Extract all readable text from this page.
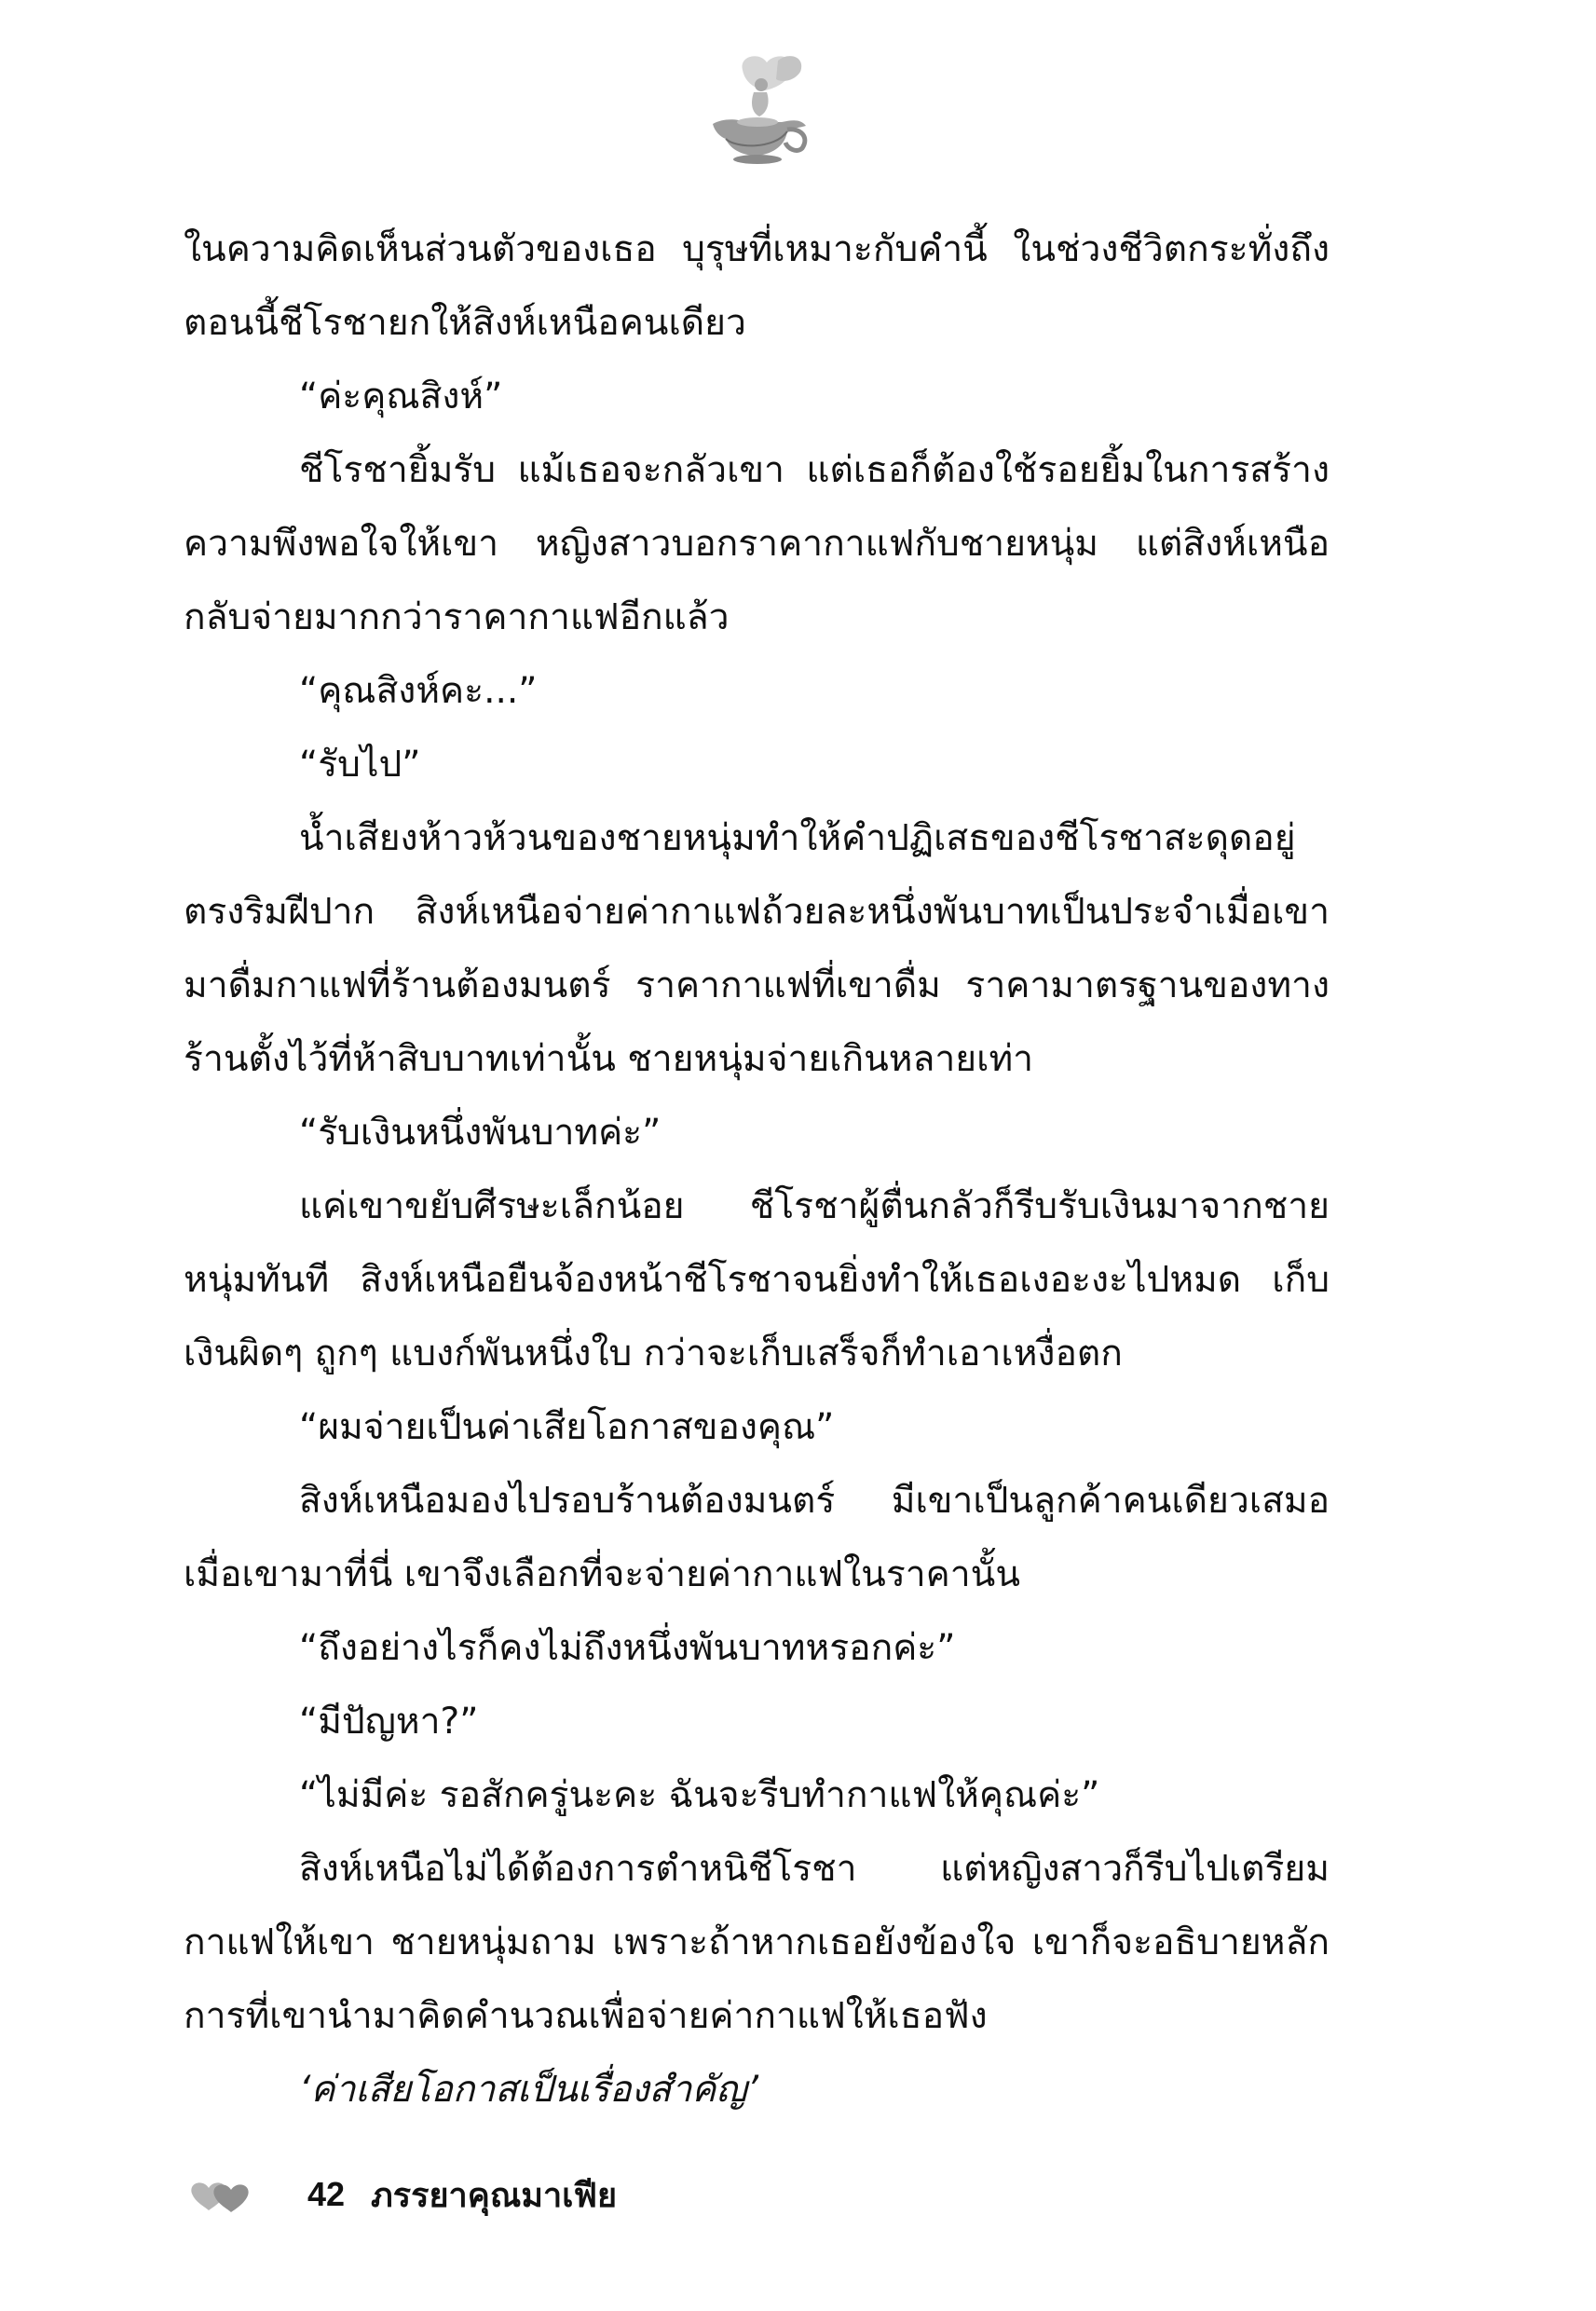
ในความคิดเห็นส่วนตัวของเธอ บุรุษที่เหมาะกับคำนี้ ในช่วงชีวิตกระทั่งถึงตอนนี้ชีโรชายกให้สิงห์เหนือคนเดียว

“ค่ะคุณสิงห์”

ชีโรชายิ้มรับ แม้เธอจะกลัวเขา แต่เธอก็ต้องใช้รอยยิ้มในการสร้างความพึงพอใจให้เขา หญิงสาวบอกราคากาแฟกับชายหนุ่ม แต่สิงห์เหนือกลับจ่ายมากกว่าราคากาแฟอีกแล้ว

“คุณสิงห์คะ...”

“รับไป”

น้ำเสียงห้าวห้วนของชายหนุ่มทำให้คำปฏิเสธของชีโรชาสะดุดอยู่ตรงริมฝีปาก สิงห์เหนือจ่ายค่ากาแฟถ้วยละหนึ่งพันบาทเป็นประจำเมื่อเขามาดื่มกาแฟที่ร้านต้องมนตร์ ราคากาแฟที่เขาดื่ม ราคามาตรฐานของทางร้านตั้งไว้ที่ห้าสิบบาทเท่านั้น ชายหนุ่มจ่ายเกินหลายเท่า

“รับเงินหนึ่งพันบาทค่ะ”

แค่เขาขยับศีรษะเล็กน้อย ชีโรชาผู้ตื่นกลัวก็รีบรับเงินมาจากชายหนุ่มทันที สิงห์เหนือยืนจ้องหน้าชีโรชาจนยิ่งทำให้เธอเงอะงะไปหมด เก็บเงินผิดๆ ถูกๆ แบงก์พันหนึ่งใบ กว่าจะเก็บเสร็จก็ทำเอาเหงื่อตก

“ผมจ่ายเป็นค่าเสียโอกาสของคุณ”

สิงห์เหนือมองไปรอบร้านต้องมนตร์ มีเขาเป็นลูกค้าคนเดียวเสมอเมื่อเขามาที่นี่ เขาจึงเลือกที่จะจ่ายค่ากาแฟในราคานั้น

“ถึงอย่างไรก็คงไม่ถึงหนึ่งพันบาทหรอกค่ะ”

“มีปัญหา?”

“ไม่มีค่ะ รอสักครู่นะคะ ฉันจะรีบทำกาแฟให้คุณค่ะ”

สิงห์เหนือไม่ได้ต้องการตำหนิชีโรชา แต่หญิงสาวก็รีบไปเตรียมกาแฟให้เขา ชายหนุ่มถาม เพราะถ้าหากเธอยังข้องใจ เขาก็จะอธิบายหลักการที่เขานำมาคิดคำนวณเพื่อจ่ายค่ากาแฟให้เธอฟัง

‘ค่าเสียโอกาสเป็นเรื่องสำคัญ’

42 ภรรยาคุณมาเฟีย
